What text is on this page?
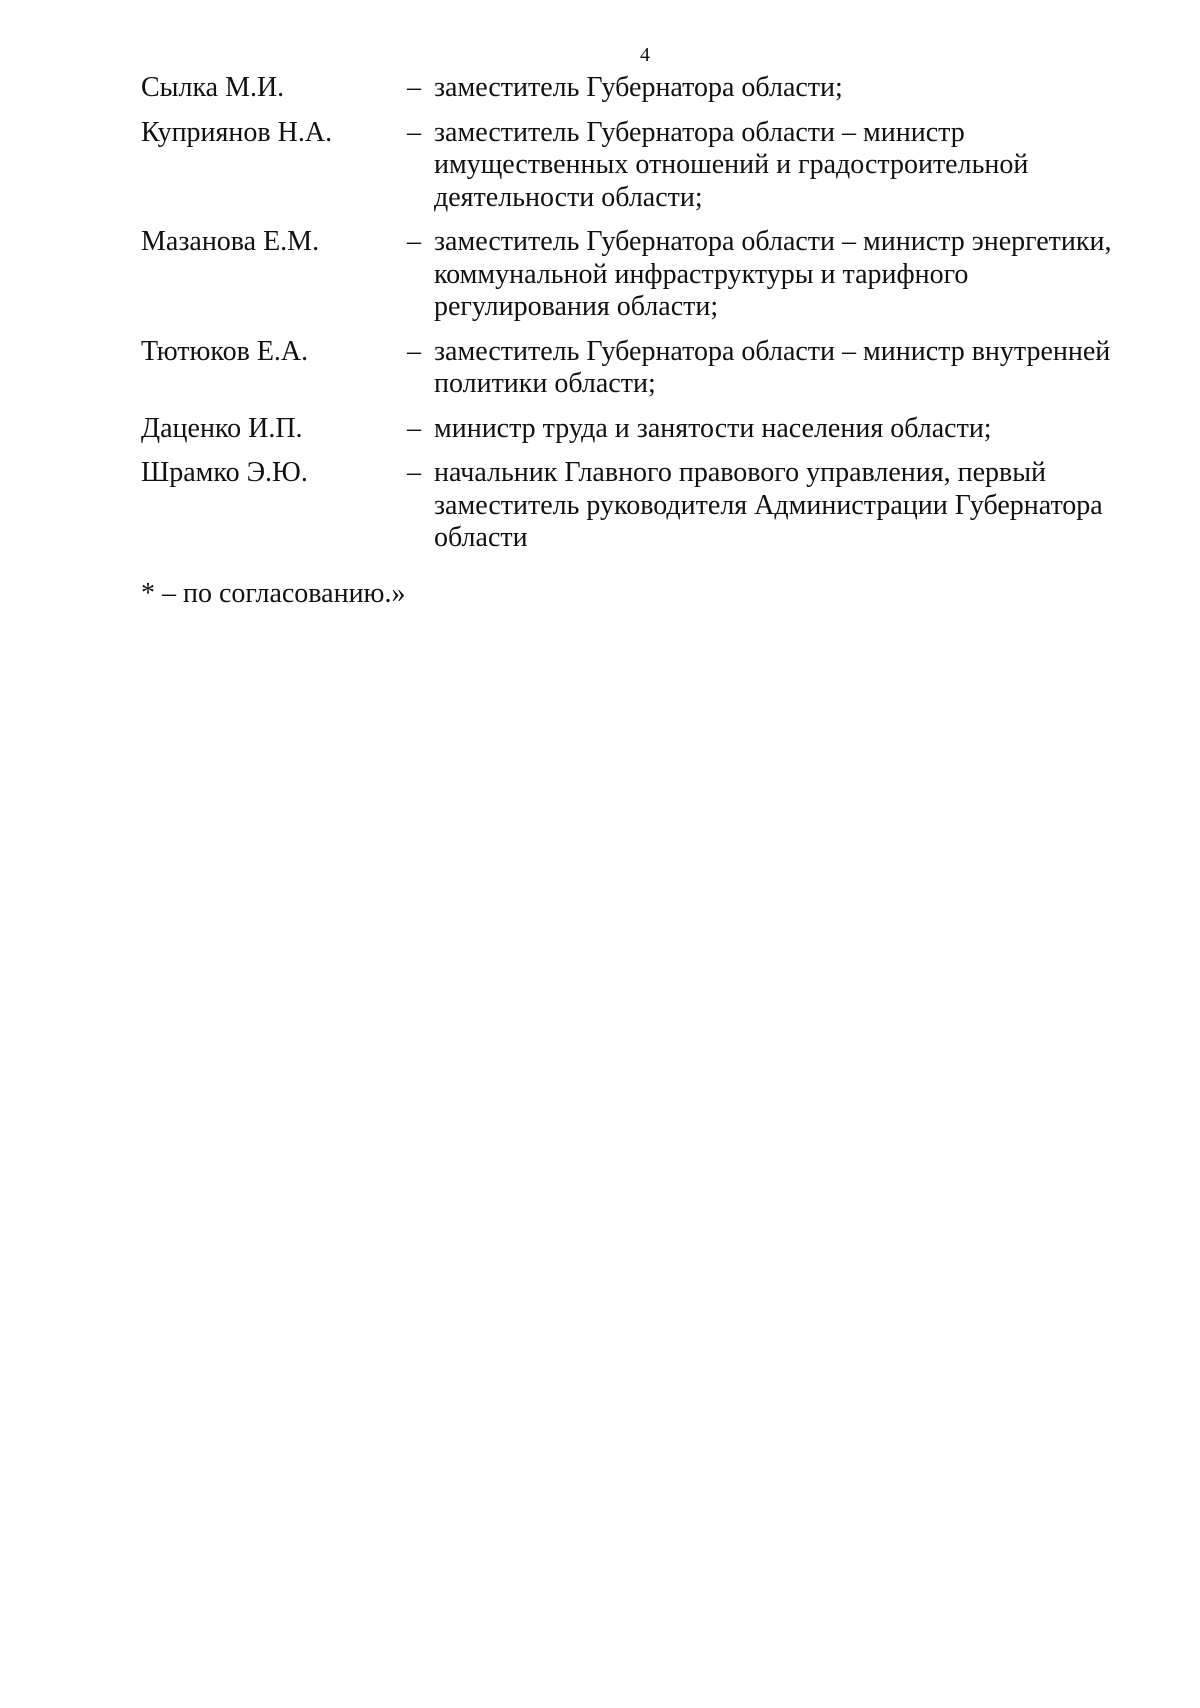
4
Сылка М.И.	– заместитель Губернатора области;
Куприянов Н.А.	– заместитель Губернатора области – министр
имущественных отношений и градостроительной
деятельности области;
Мазанова Е.М.	– заместитель Губернатора области – министр энергетики,
коммунальной инфраструктуры и тарифного
регулирования области;
Тютюков Е.А.	– заместитель Губернатора области – министр внутренней
политики области;
Даценко И.П.	– министр труда и занятости населения области;
Шрамко Э.Ю.	– начальник Главного правового управления, первый
заместитель руководителя Администрации Губернатора
области
* – по согласованию.»
